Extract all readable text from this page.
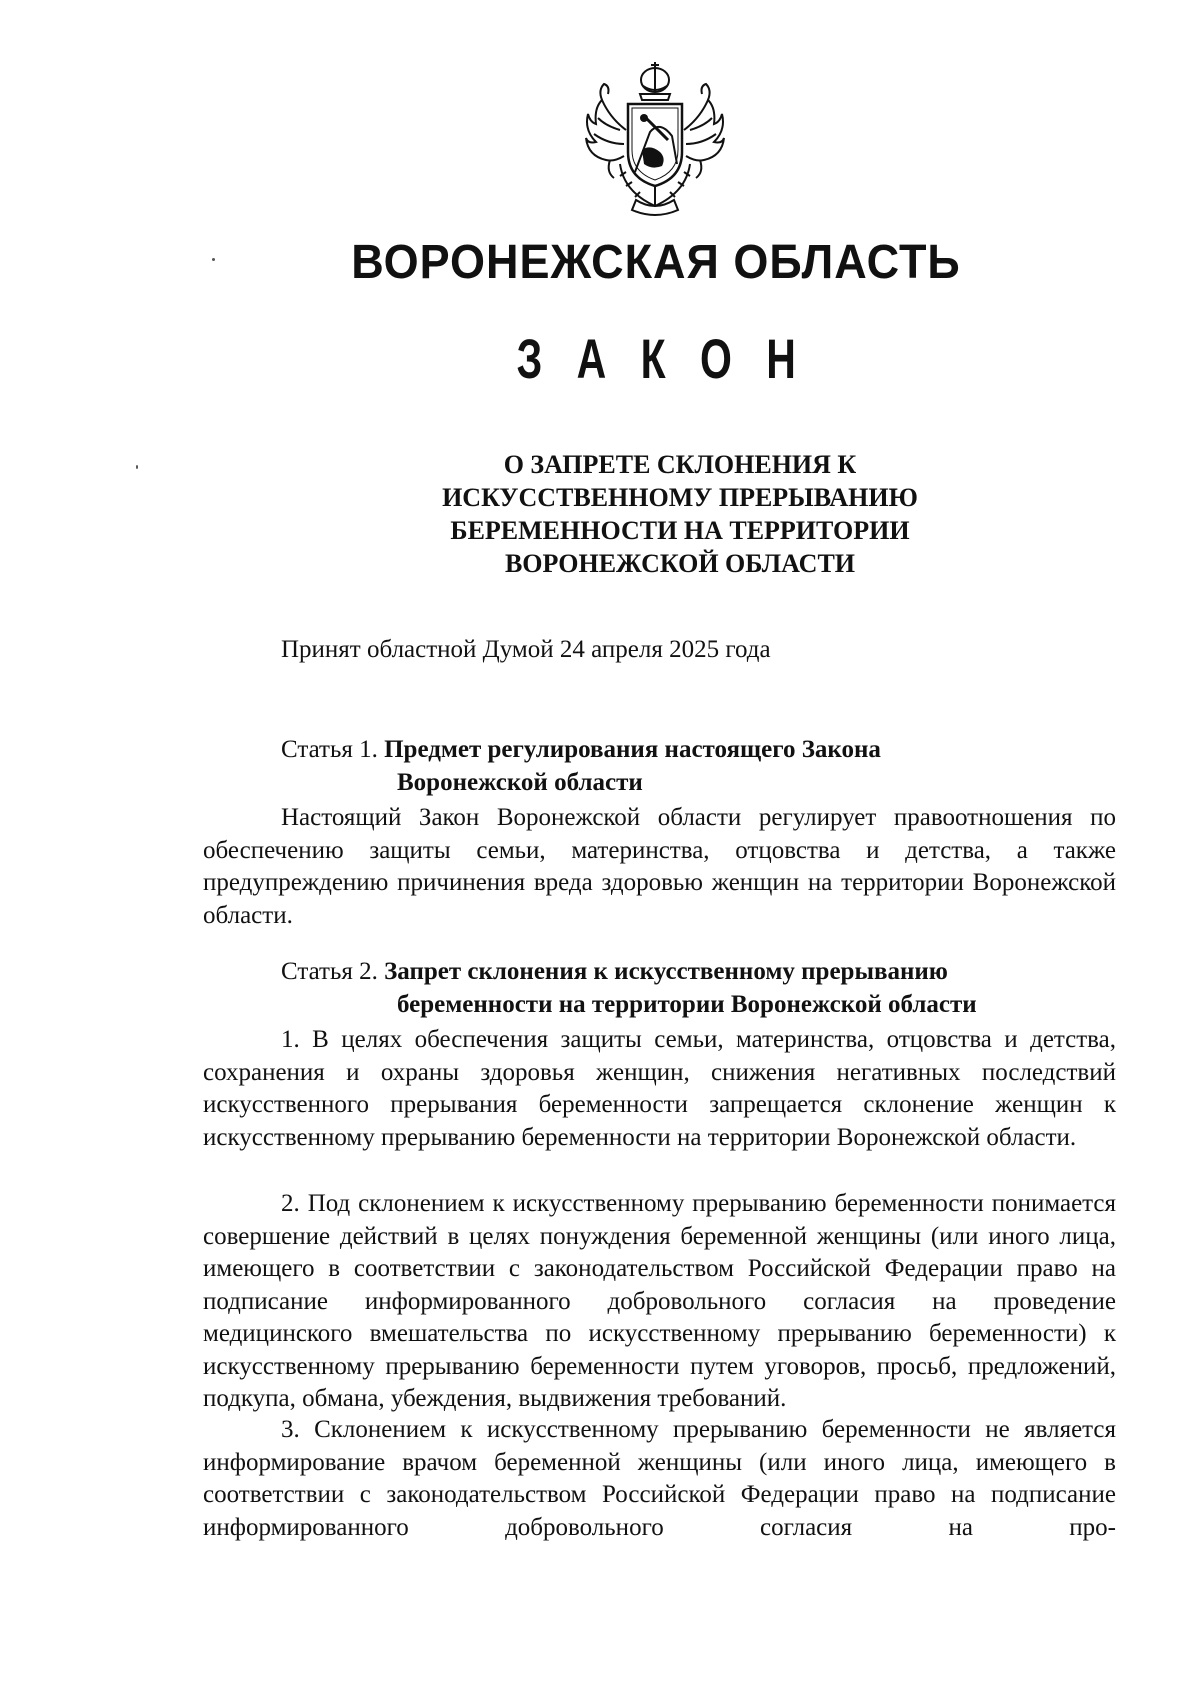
ВОРОНЕЖСКАЯ ОБЛАСТЬ
З А К О Н
О ЗАПРЕТЕ СКЛОНЕНИЯ К
ИСКУССТВЕННОМУ ПРЕРЫВАНИЮ
БЕРЕМЕННОСТИ НА ТЕРРИТОРИИ
ВОРОНЕЖСКОЙ ОБЛАСТИ
Принят областной Думой 24 апреля 2025 года
Статья 1. Предмет регулирования настоящего Закона
Воронежской области
Настоящий Закон Воронежской области регулирует правоотношения по обеспечению защиты семьи, материнства, отцовства и детства, а также предупреждению причинения вреда здоровью женщин на территории Воронежской области.
Статья 2. Запрет склонения к искусственному прерыванию
беременности на территории Воронежской области
1. В целях обеспечения защиты семьи, материнства, отцовства и детства, сохранения и охраны здоровья женщин, снижения негативных последствий искусственного прерывания беременности запрещается склонение женщин к искусственному прерыванию беременности на территории Воронежской области.
2. Под склонением к искусственному прерыванию беременности понимается совершение действий в целях понуждения беременной женщины (или иного лица, имеющего в соответствии с законодательством Российской Федерации право на подписание информированного добровольного согласия на проведение медицинского вмешательства по искусственному прерыванию беременности) к искусственному прерыванию беременности путем уговоров, просьб, предложений, подкупа, обмана, убеждения, выдвижения требований.
3. Склонением к искусственному прерыванию беременности не является информирование врачом беременной женщины (или иного лица, имеющего в соответствии с законодательством Российской Федерации право на подписание информированного добровольного согласия на про-
